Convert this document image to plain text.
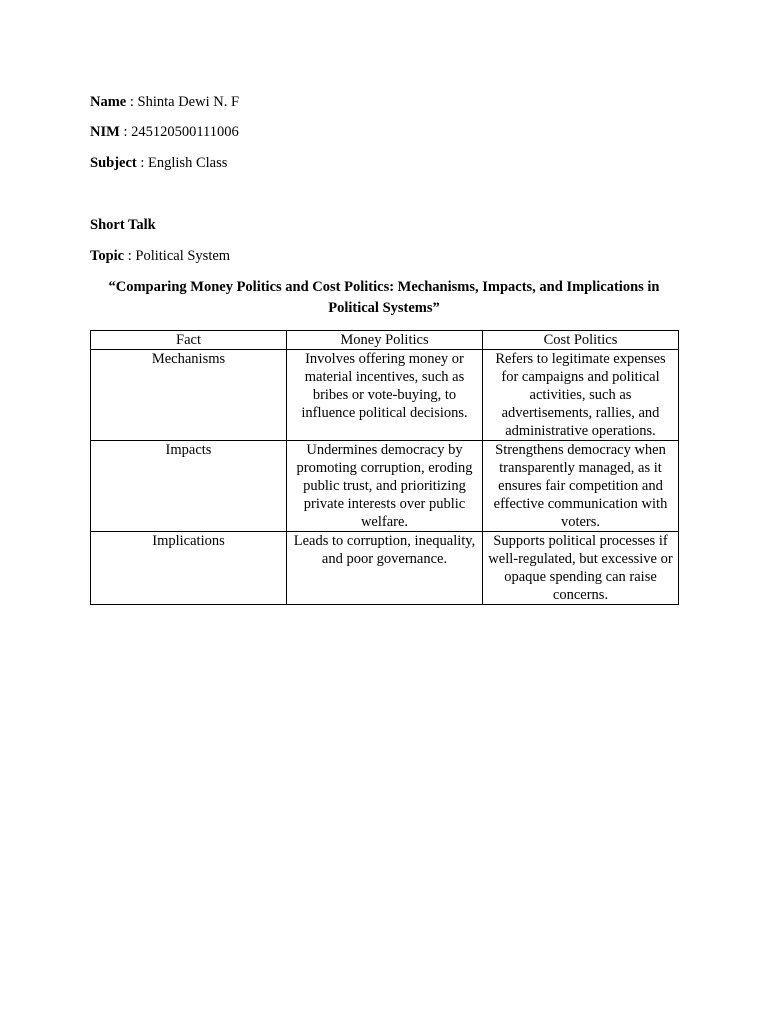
Name : Shinta Dewi N. F
NIM : 245120500111006
Subject : English Class
Short Talk
Topic : Political System
“Comparing Money Politics and Cost Politics: Mechanisms, Impacts, and Implications in Political Systems”
Fact	Money Politics	Cost Politics
Mechanisms	Involves offering money or material incentives, such as bribes or vote-buying, to influence political decisions.	Refers to legitimate expenses for campaigns and political activities, such as advertisements, rallies, and administrative operations.
Impacts	Undermines democracy by promoting corruption, eroding public trust, and prioritizing private interests over public welfare.	Strengthens democracy when transparently managed, as it ensures fair competition and effective communication with voters.
Implications	Leads to corruption, inequality, and poor governance.	Supports political processes if well-regulated, but excessive or opaque spending can raise concerns.
